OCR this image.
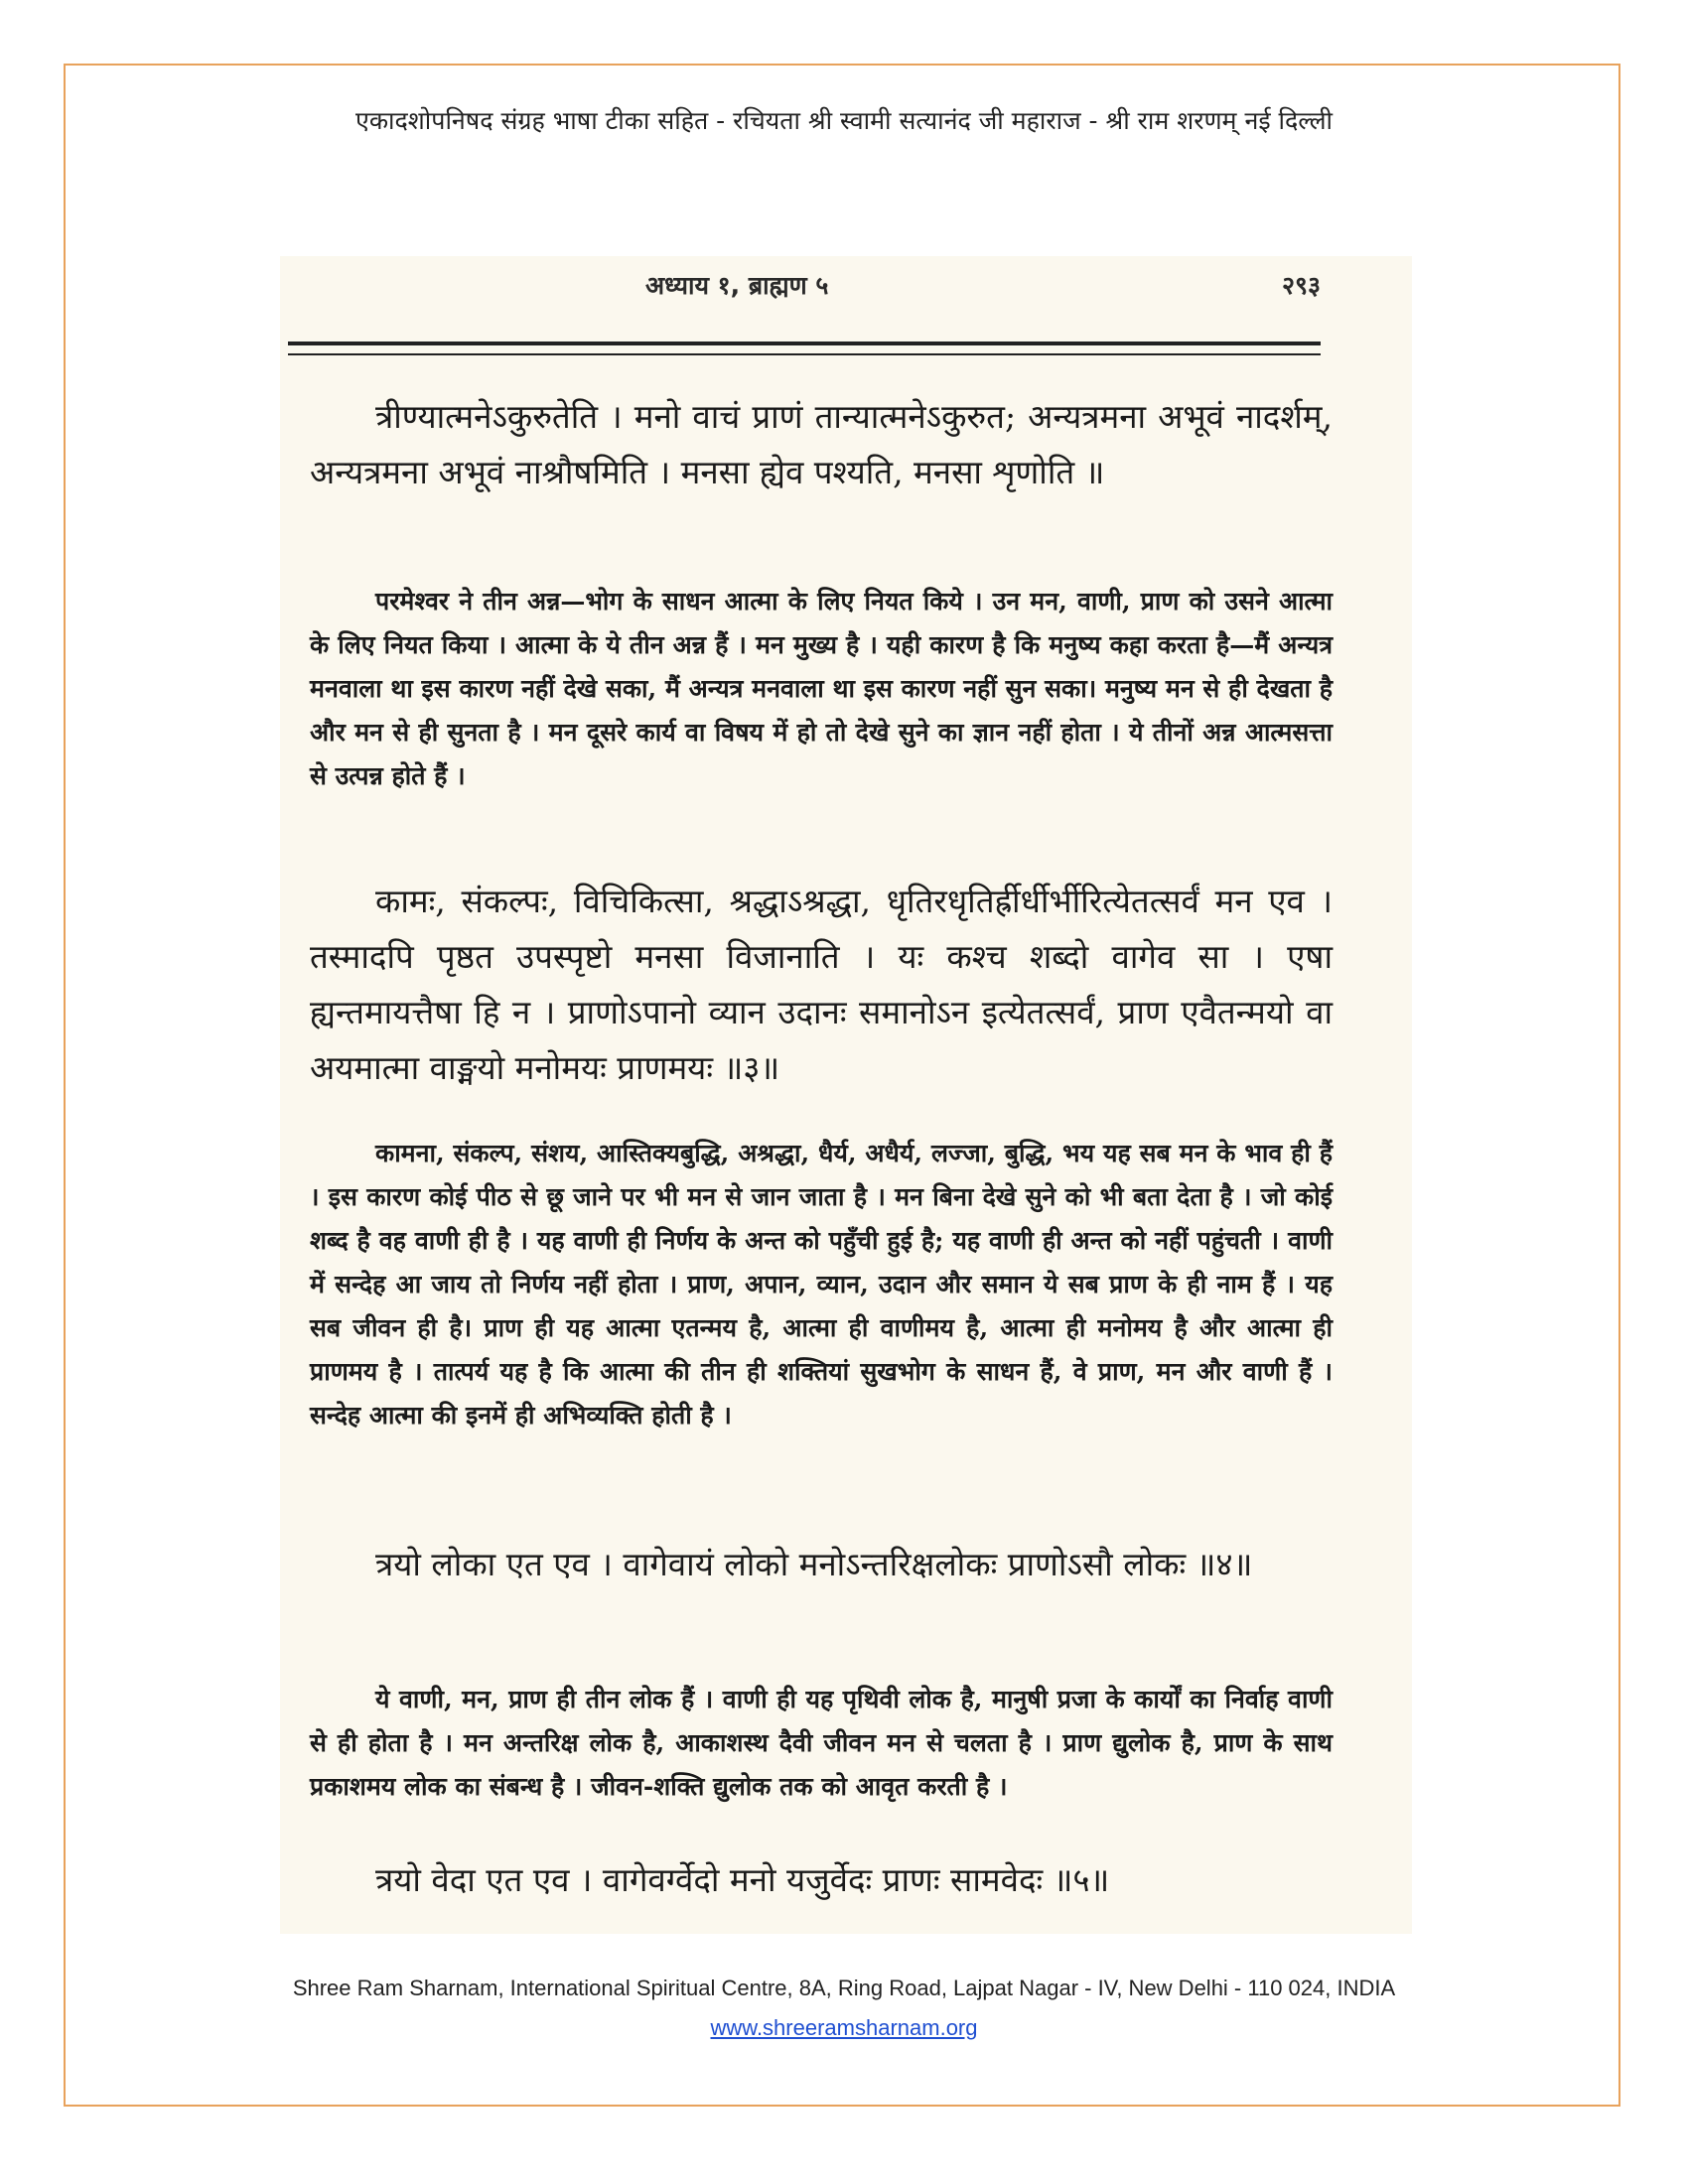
एकादशोपनिषद संग्रह भाषा टीका सहित - रचियता श्री स्वामी सत्यानंद जी महाराज - श्री राम शरणम् नई दिल्ली
अध्याय १, ब्राह्मण ५	२९३
त्रीण्यात्मनेऽकुरुतेति । मनो वाचं प्राणं तान्यात्मनेऽकुरुत; अन्यत्रमना अभूवं नादर्शम्, अन्यत्रमना अभूवं नाश्रौषमिति । मनसा ह्येव पश्यति, मनसा शृणोति ॥
परमेश्वर ने तीन अन्न—भोग के साधन आत्मा के लिए नियत किये । उन मन, वाणी, प्राण को उसने आत्मा के लिए नियत किया । आत्मा के ये तीन अन्न हैं । मन मुख्य है । यही कारण है कि मनुष्य कहा करता है—मैं अन्यत्र मनवाला था इस कारण नहीं देखे सका, मैं अन्यत्र मनवाला था इस कारण नहीं सुन सका। मनुष्य मन से ही देखता है और मन से ही सुनता है । मन दूसरे कार्य वा विषय में हो तो देखे सुने का ज्ञान नहीं होता । ये तीनों अन्न आत्मसत्ता से उत्पन्न होते हैं ।
कामः, संकल्पः, विचिकित्सा, श्रद्धाऽश्रद्धा, धृतिरधृतिर्ह्रीर्धीर्भीरित्येतत्सर्वं मन एव । तस्मादपि पृष्ठत उपस्पृष्टो मनसा विजानाति । यः कश्च शब्दो वागेव सा । एषा ह्यन्तमायत्तैषा हि न । प्राणोऽपानो व्यान उदानः समानोऽन इत्येतत्सर्वं, प्राण एवैतन्मयो वा अयमात्मा वाङ्मयो मनोमयः प्राणमयः ॥३॥
कामना, संकल्प, संशय, आस्तिक्यबुद्धि, अश्रद्धा, धैर्य, अधैर्य, लज्जा, बुद्धि, भय यह सब मन के भाव ही हैं । इस कारण कोई पीठ से छू जाने पर भी मन से जान जाता है । मन बिना देखे सुने को भी बता देता है । जो कोई शब्द है वह वाणी ही है । यह वाणी ही निर्णय के अन्त को पहुँची हुई है; यह वाणी ही अन्त को नहीं पहुंचती । वाणी में सन्देह आ जाय तो निर्णय नहीं होता । प्राण, अपान, व्यान, उदान और समान ये सब प्राण के ही नाम हैं । यह सब जीवन ही है। प्राण ही यह आत्मा एतन्मय है, आत्मा ही वाणीमय है, आत्मा ही मनोमय है और आत्मा ही प्राणमय है । तात्पर्य यह है कि आत्मा की तीन ही शक्तियां सुखभोग के साधन हैं, वे प्राण, मन और वाणी हैं । सन्देह आत्मा की इनमें ही अभिव्यक्ति होती है ।
त्रयो लोका एत एव । वागेवायं लोको मनोऽन्तरिक्षलोकः प्राणोऽसौ लोकः ॥४॥
ये वाणी, मन, प्राण ही तीन लोक हैं । वाणी ही यह पृथिवी लोक है, मानुषी प्रजा के कार्यों का निर्वाह वाणी से ही होता है । मन अन्तरिक्ष लोक है, आकाशस्थ दैवी जीवन मन से चलता है । प्राण द्युलोक है, प्राण के साथ प्रकाशमय लोक का संबन्ध है । जीवन-शक्ति द्युलोक तक को आवृत करती है ।
त्रयो वेदा एत एव । वागेवर्ग्वेदो मनो यजुर्वेदः प्राणः सामवेदः ॥५॥
Shree Ram Sharnam, International Spiritual Centre, 8A, Ring Road, Lajpat Nagar - IV, New Delhi - 110 024, INDIA
www.shreeramsharnam.org
